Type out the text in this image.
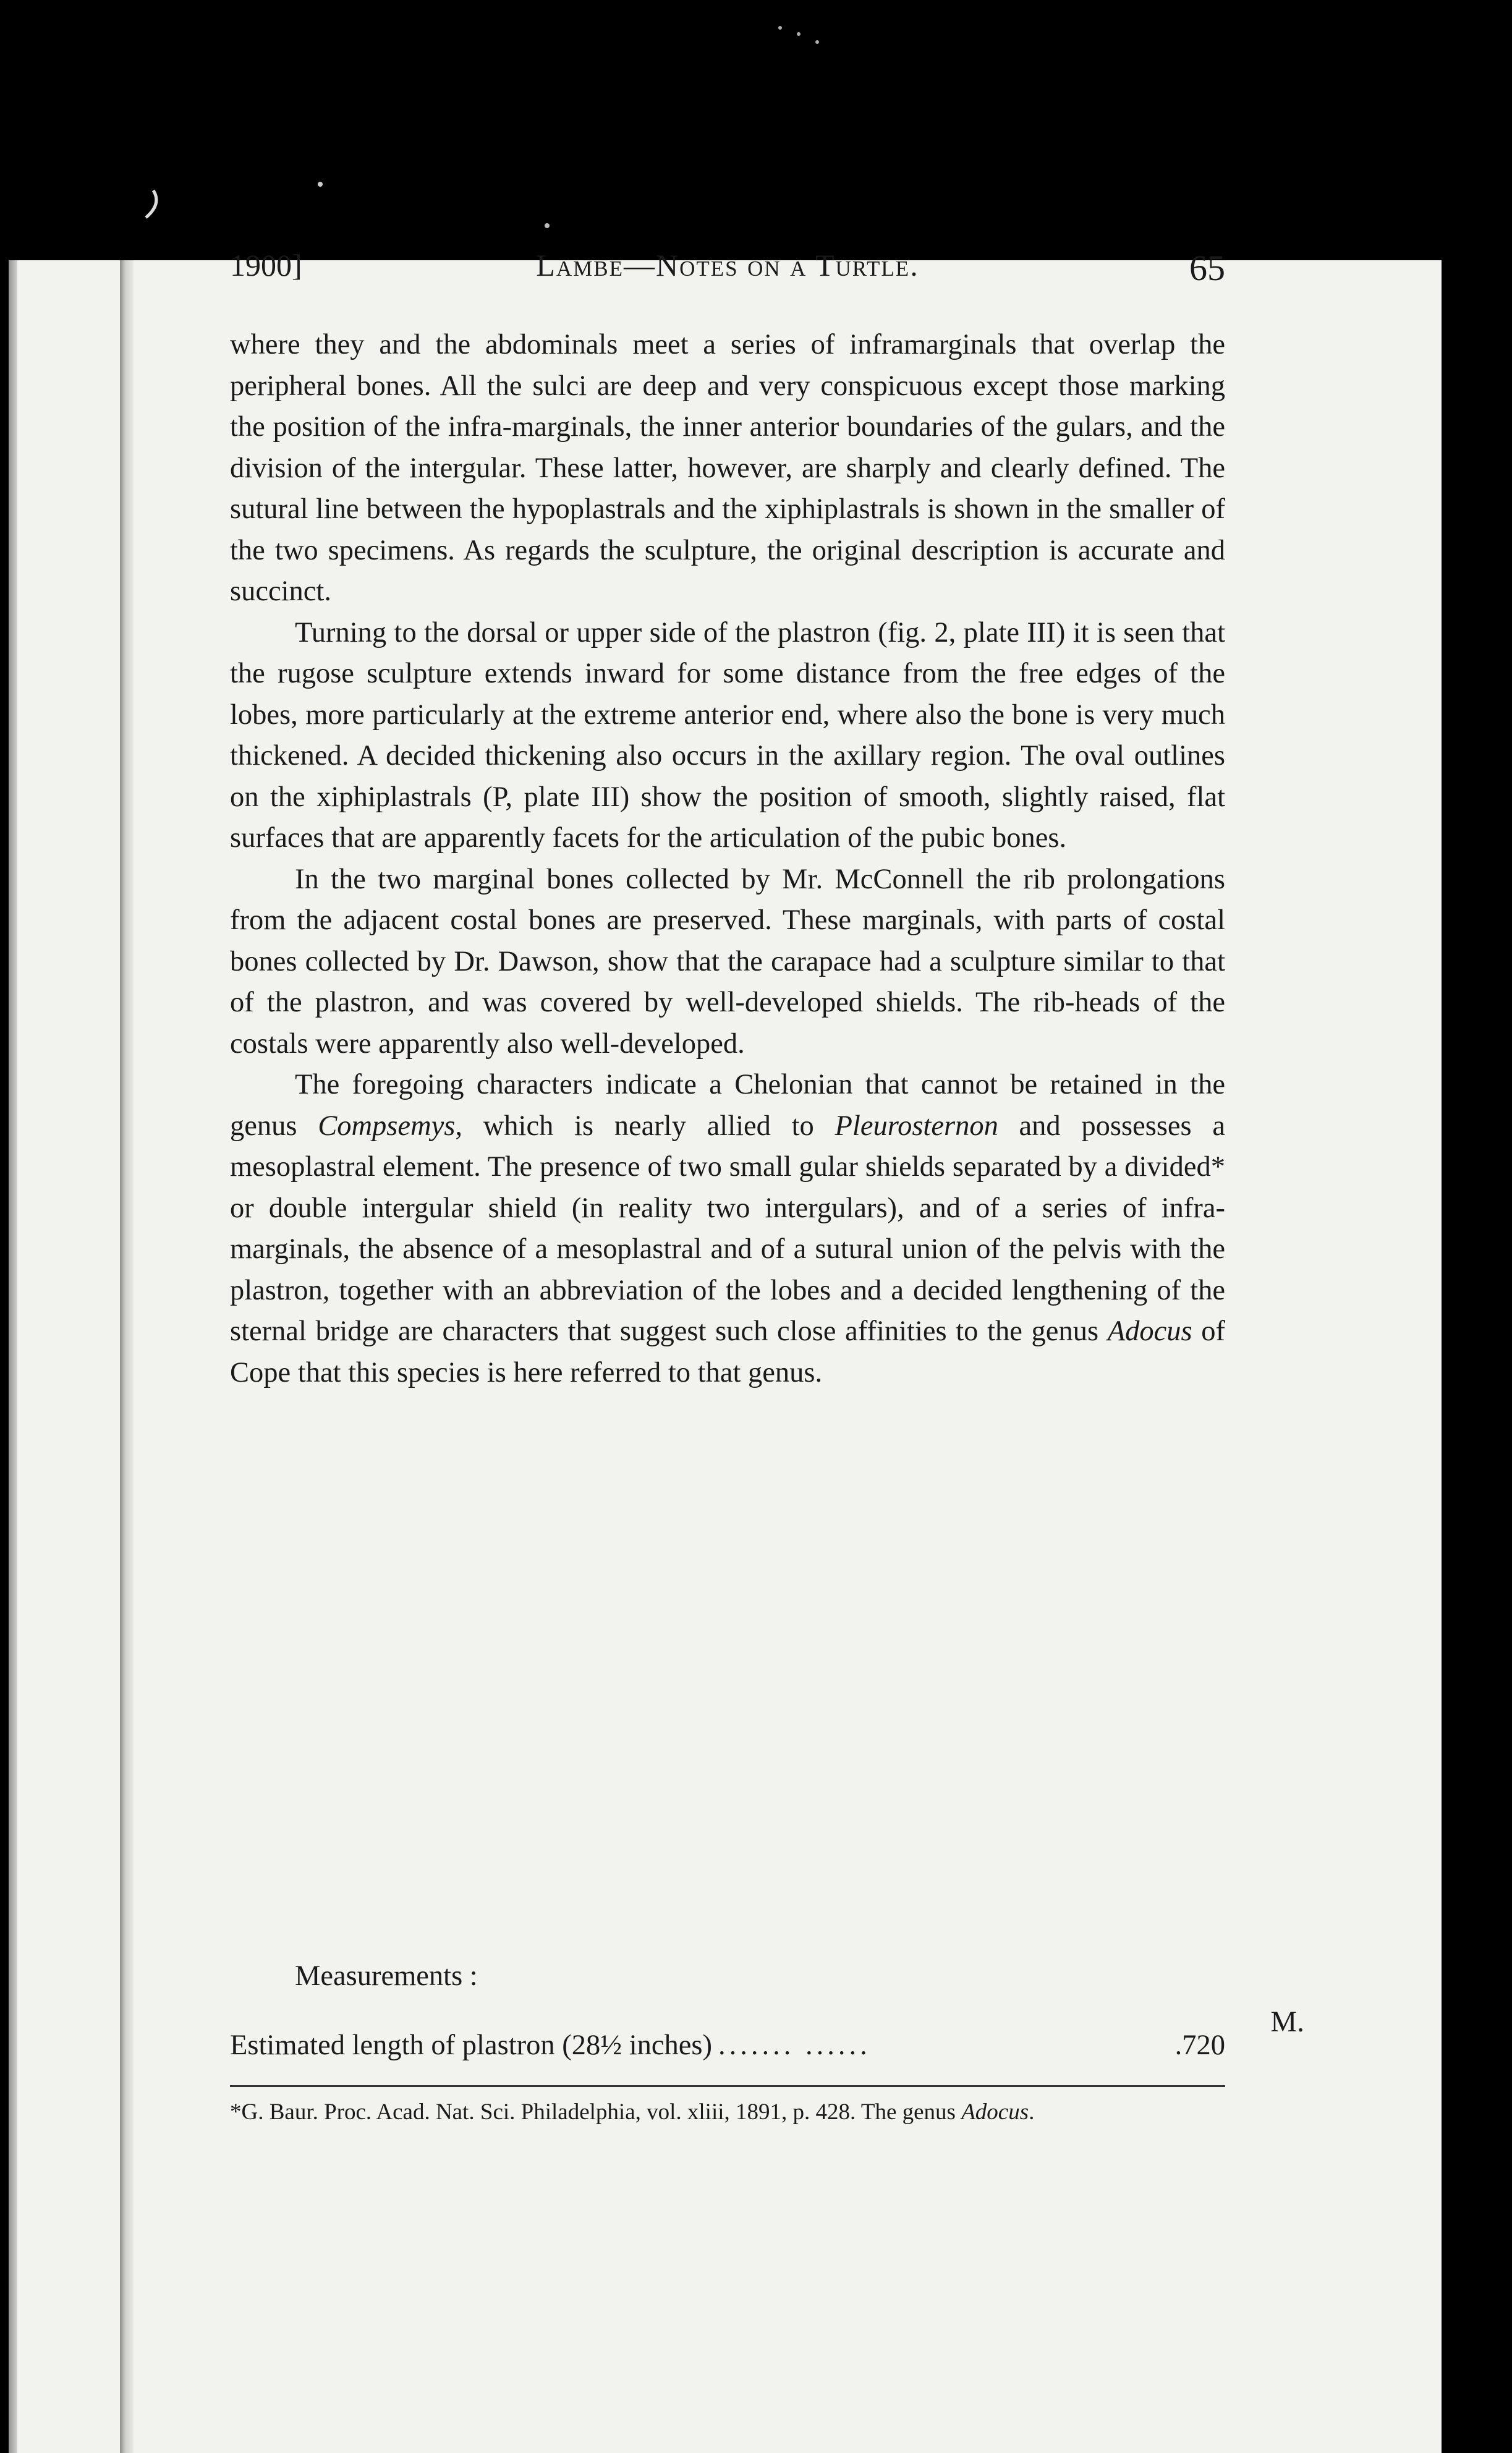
1900]	Lambe—Notes on a Turtle.	65

where they and the abdominals meet a series of inframarginals that overlap the peripheral bones. All the sulci are deep and very conspicuous except those marking the position of the infra-marginals, the inner anterior boundaries of the gulars, and the division of the intergular. These latter, however, are sharply and clearly defined. The sutural line between the hypoplastrals and the xiphiplastrals is shown in the smaller of the two specimens. As regards the sculpture, the original description is accurate and succinct.

Turning to the dorsal or upper side of the plastron (fig. 2, plate III) it is seen that the rugose sculpture extends inward for some distance from the free edges of the lobes, more particularly at the extreme anterior end, where also the bone is very much thickened. A decided thickening also occurs in the axillary region. The oval outlines on the xiphiplastrals (P, plate III) show the position of smooth, slightly raised, flat surfaces that are apparently facets for the articulation of the pubic bones.

In the two marginal bones collected by Mr. McConnell the rib prolongations from the adjacent costal bones are preserved. These marginals, with parts of costal bones collected by Dr. Dawson, show that the carapace had a sculpture similar to that of the plastron, and was covered by well-developed shields. The rib-heads of the costals were apparently also well-developed.

The foregoing characters indicate a Chelonian that cannot be retained in the genus Compsemys, which is nearly allied to Pleurosternon and possesses a mesoplastral element. The presence of two small gular shields separated by a divided* or double intergular shield (in reality two intergulars), and of a series of infra-marginals, the absence of a mesoplastral and of a sutural union of the pelvis with the plastron, together with an abbreviation of the lobes and a decided lengthening of the sternal bridge are characters that suggest such close affinities to the genus Adocus of Cope that this species is here referred to that genus.

Measurements :
M.
Estimated length of plastron (28½ inches) ....... ......	.720
*G. Baur. Proc. Acad. Nat. Sci. Philadelphia, vol. xliii, 1891, p. 428. The genus Adocus.
